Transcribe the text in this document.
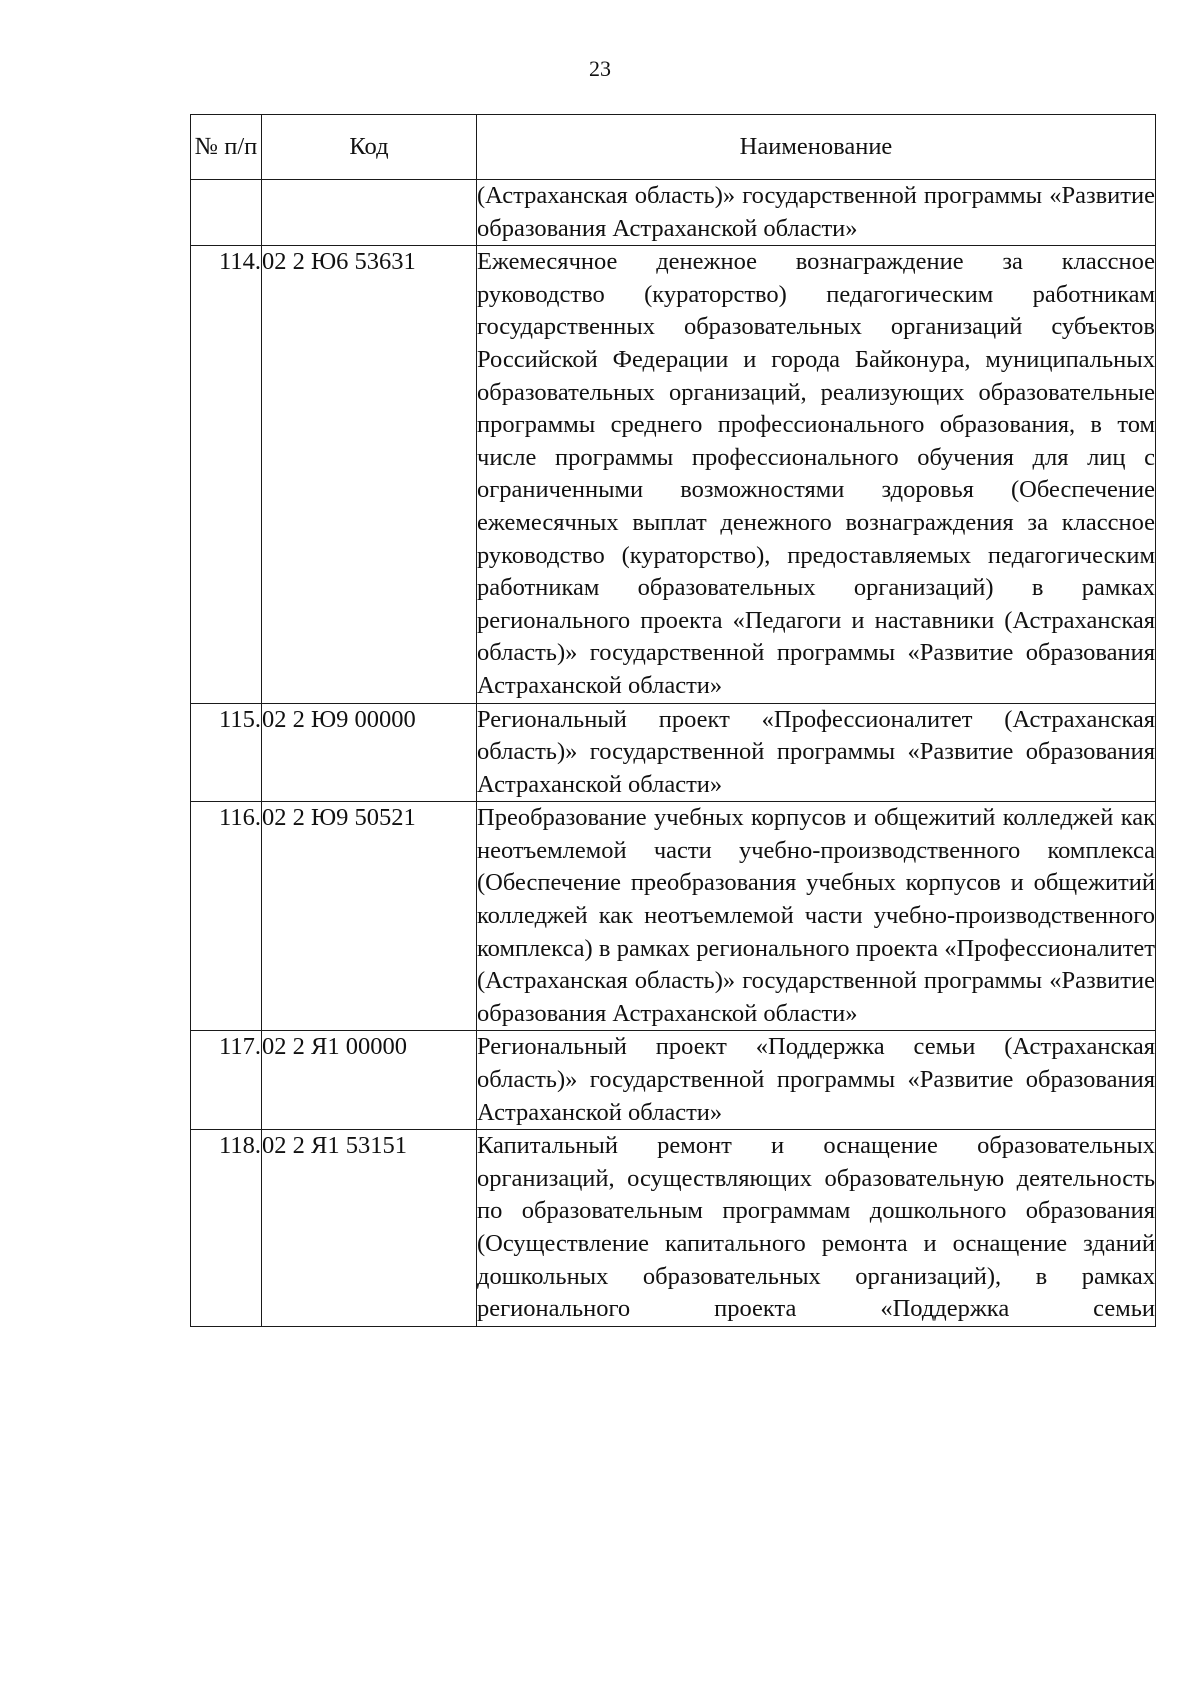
23
№ п/п	Код	Наименование
		(Астраханская область)» государственной программы «Развитие образования Астраханской области»
114.	02 2 Ю6 53631	Ежемесячное денежное вознаграждение за классное руководство (кураторство) педагогическим работникам государственных образовательных организаций субъектов Российской Федерации и города Байконура, муниципальных образовательных организаций, реализующих образовательные программы среднего профессионального образования, в том числе программы профессионального обучения для лиц с ограниченными возможностями здоровья (Обеспечение ежемесячных выплат денежного вознаграждения за классное руководство (кураторство), предоставляемых педагогическим работникам образовательных организаций) в рамках регионального проекта «Педагоги и наставники (Астраханская область)» государственной программы «Развитие образования Астраханской области»
115.	02 2 Ю9 00000	Региональный проект «Профессионалитет (Астраханская область)» государственной программы «Развитие образования Астраханской области»
116.	02 2 Ю9 50521	Преобразование учебных корпусов и общежитий колледжей как неотъемлемой части учебно-производственного комплекса (Обеспечение преобразования учебных корпусов и общежитий колледжей как неотъемлемой части учебно-производственного комплекса) в рамках регионального проекта «Профессионалитет (Астраханская область)» государственной программы «Развитие образования Астраханской области»
117.	02 2 Я1 00000	Региональный проект «Поддержка семьи (Астраханская область)» государственной программы «Развитие образования Астраханской области»
118.	02 2 Я1 53151	Капитальный ремонт и оснащение образовательных организаций, осуществляющих образовательную деятельность по образовательным программам дошкольного образования (Осуществление капитального ремонта и оснащение зданий дошкольных образовательных организаций), в рамках регионального проекта «Поддержка семьи
